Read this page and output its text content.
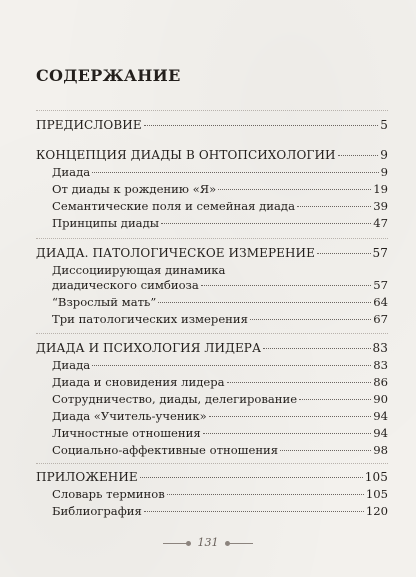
СОДЕРЖАНИЕ
ПРЕДИСЛОВИЕ	5
КОНЦЕПЦИЯ ДИАДЫ В ОНТОПСИХОЛОГИИ	9
Диада	9
От диады к рождению «Я»	19
Семантические поля и семейная диада	39
Принципы диады	47
ДИАДА. ПАТОЛОГИЧЕСКОЕ ИЗМЕРЕНИЕ	57
Диссоциирующая динамика
диадического симбиоза	57
“Взрослый мать”	64
Три патологических измерения	67
ДИАДА И ПСИХОЛОГИЯ ЛИДЕРА	83
Диада	83
Диада и сновидения лидера	86
Сотрудничество, диады, делегирование	90
Диада «Учитель-ученик»	94
Личностные отношения	94
Социально-аффективные отношения	98
ПРИЛОЖЕНИЕ	105
Словарь терминов	105
Библиография	120
131
